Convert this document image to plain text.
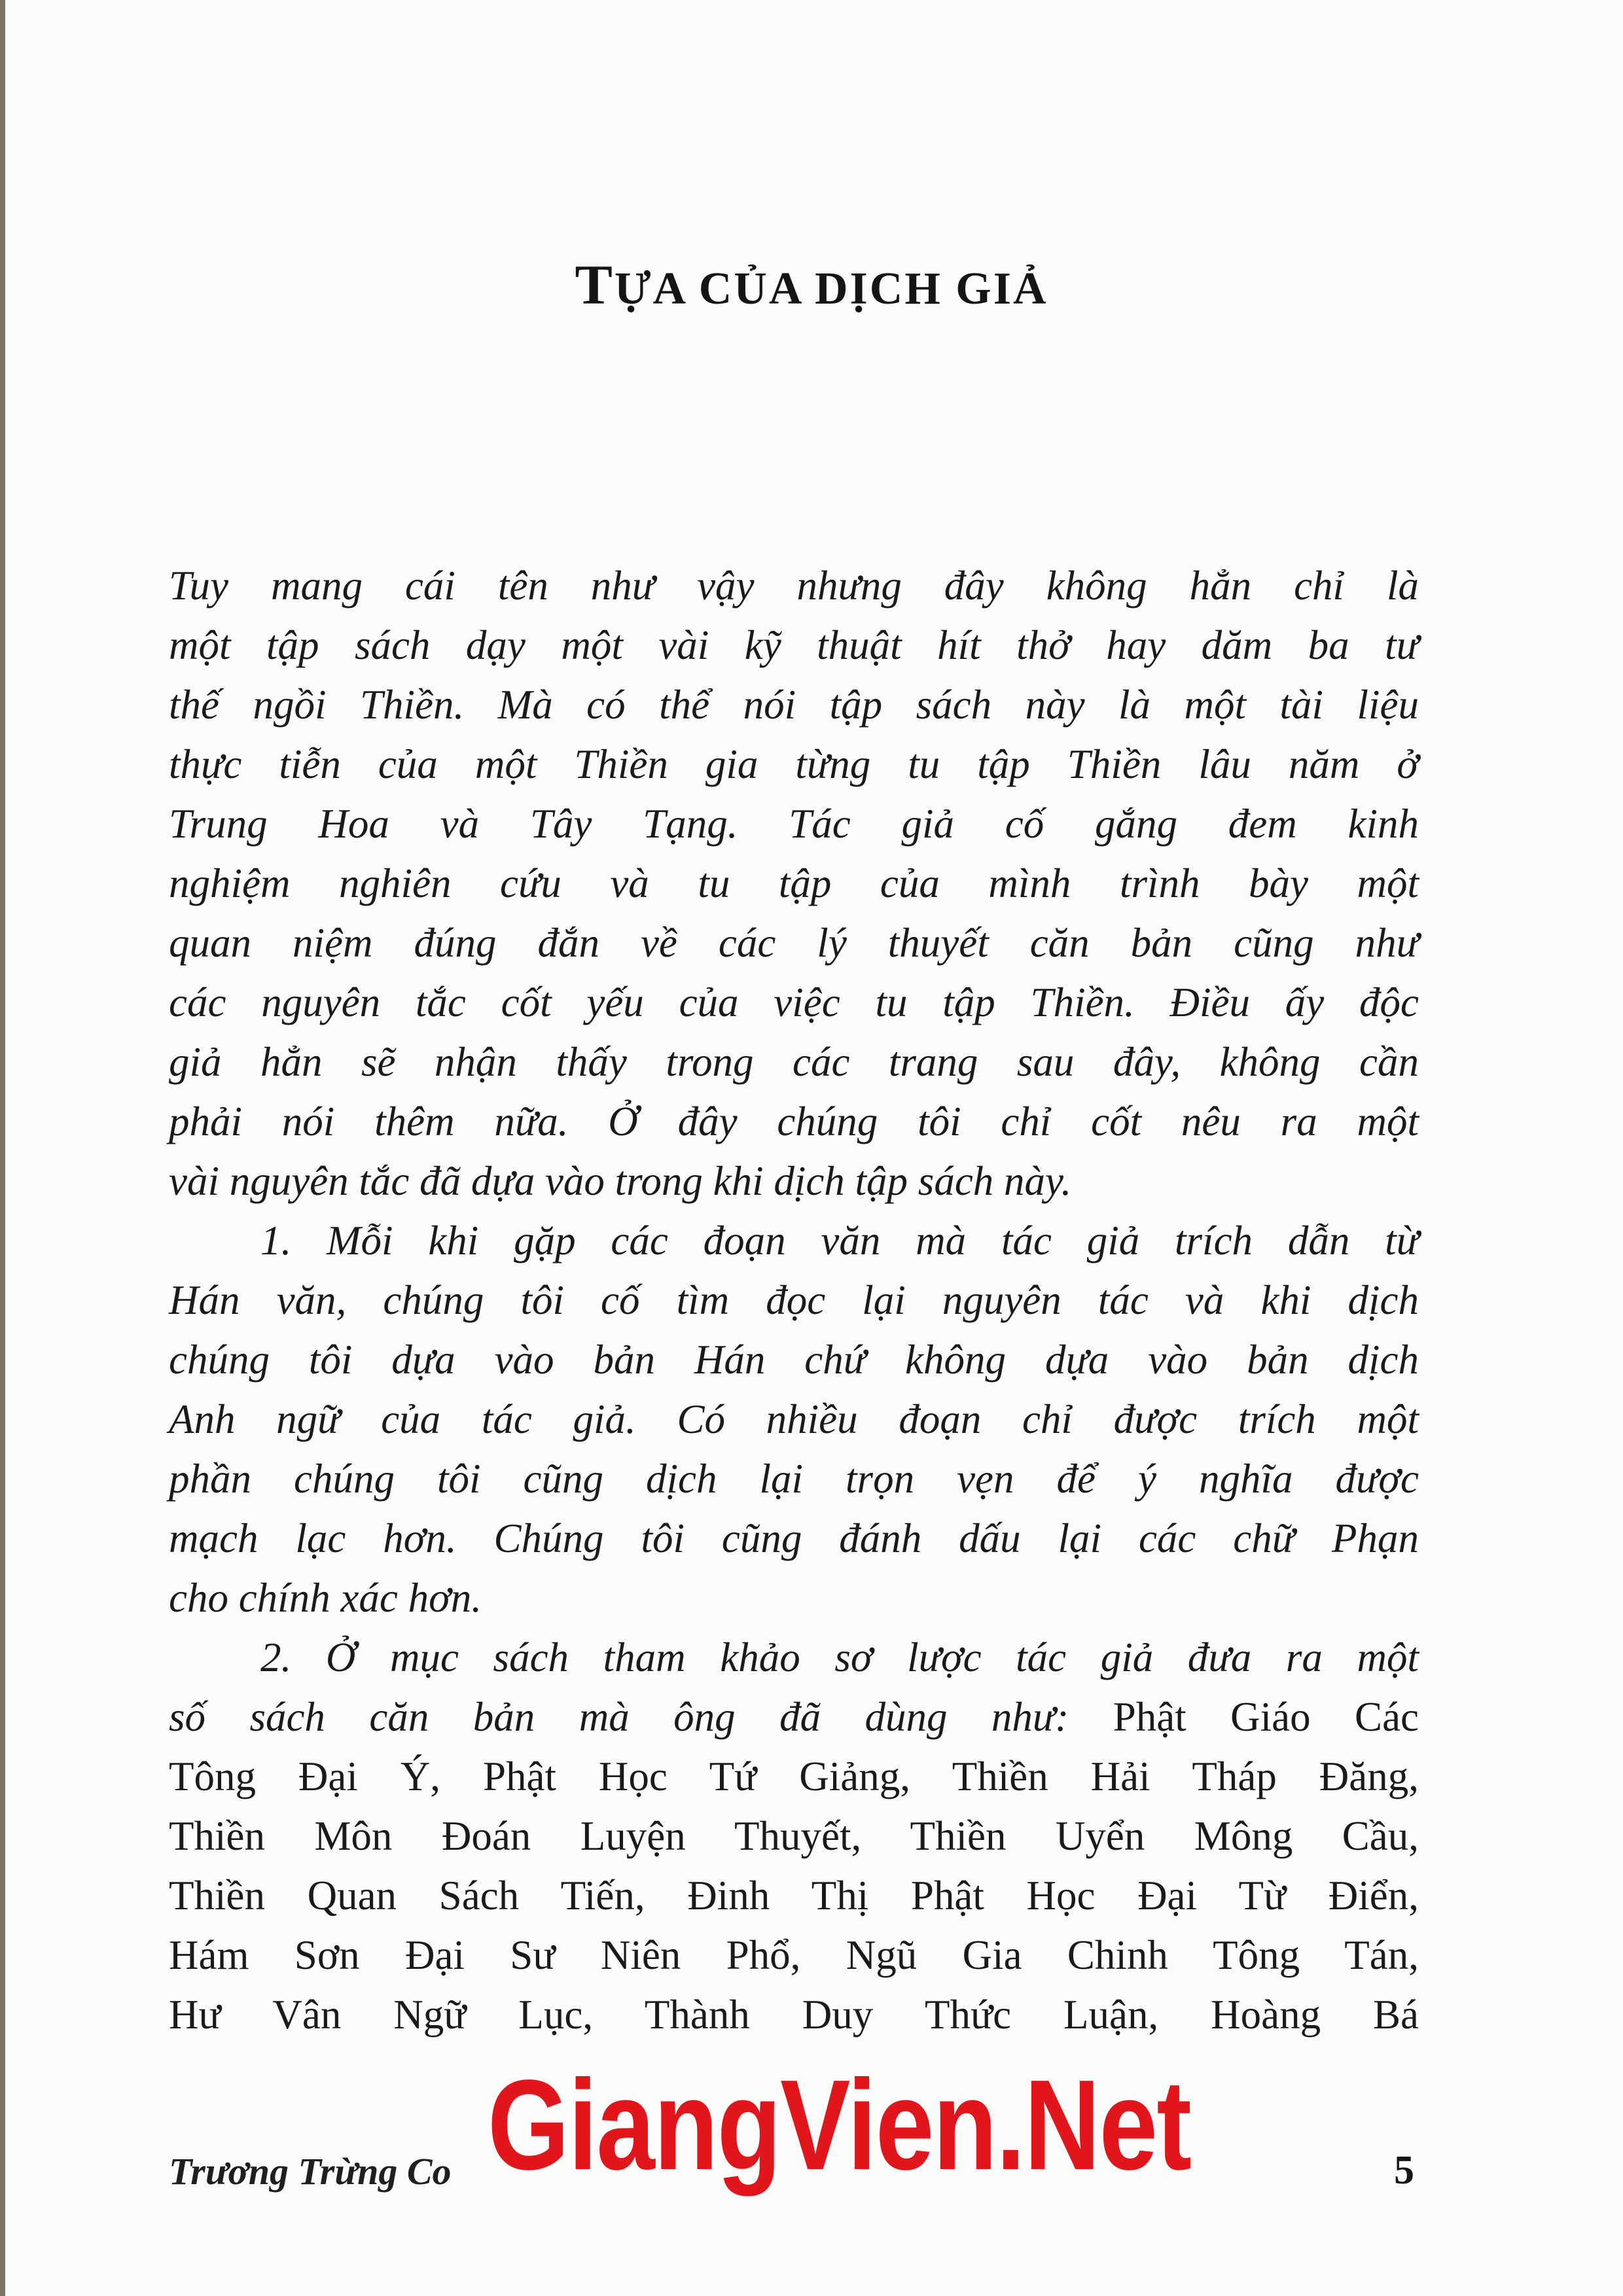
TỰA CỦA DỊCH GIẢ
Tuy mang cái tên như vậy nhưng đây không hẳn chỉ là
một tập sách dạy một vài kỹ thuật hít thở hay dăm ba tư
thế ngồi Thiền. Mà có thể nói tập sách này là một tài liệu
thực tiễn của một Thiền gia từng tu tập Thiền lâu năm ở
Trung Hoa và Tây Tạng. Tác giả cố gắng đem kinh
nghiệm nghiên cứu và tu tập của mình trình bày một
quan niệm đúng đắn về các lý thuyết căn bản cũng như
các nguyên tắc cốt yếu của việc tu tập Thiền. Điều ấy độc
giả hẳn sẽ nhận thấy trong các trang sau đây, không cần
phải nói thêm nữa. Ở đây chúng tôi chỉ cốt nêu ra một
vài nguyên tắc đã dựa vào trong khi dịch tập sách này.
1. Mỗi khi gặp các đoạn văn mà tác giả trích dẫn từ
Hán văn, chúng tôi cố tìm đọc lại nguyên tác và khi dịch
chúng tôi dựa vào bản Hán chứ không dựa vào bản dịch
Anh ngữ của tác giả. Có nhiều đoạn chỉ được trích một
phần chúng tôi cũng dịch lại trọn vẹn để ý nghĩa được
mạch lạc hơn. Chúng tôi cũng đánh dấu lại các chữ Phạn
cho chính xác hơn.
2. Ở mục sách tham khảo sơ lược tác giả đưa ra một
số sách căn bản mà ông đã dùng như: Phật Giáo Các
Tông Đại Ý, Phật Học Tứ Giảng, Thiền Hải Tháp Đăng,
Thiền Môn Đoán Luyện Thuyết, Thiền Uyển Mông Cầu,
Thiền Quan Sách Tiến, Đinh Thị Phật Học Đại Từ Điển,
Hám Sơn Đại Sư Niên Phổ, Ngũ Gia Chinh Tông Tán,
Hư Vân Ngữ Lục, Thành Duy Thức Luận, Hoàng Bá
Trương Trừng Co	5
GiangVien.Net
